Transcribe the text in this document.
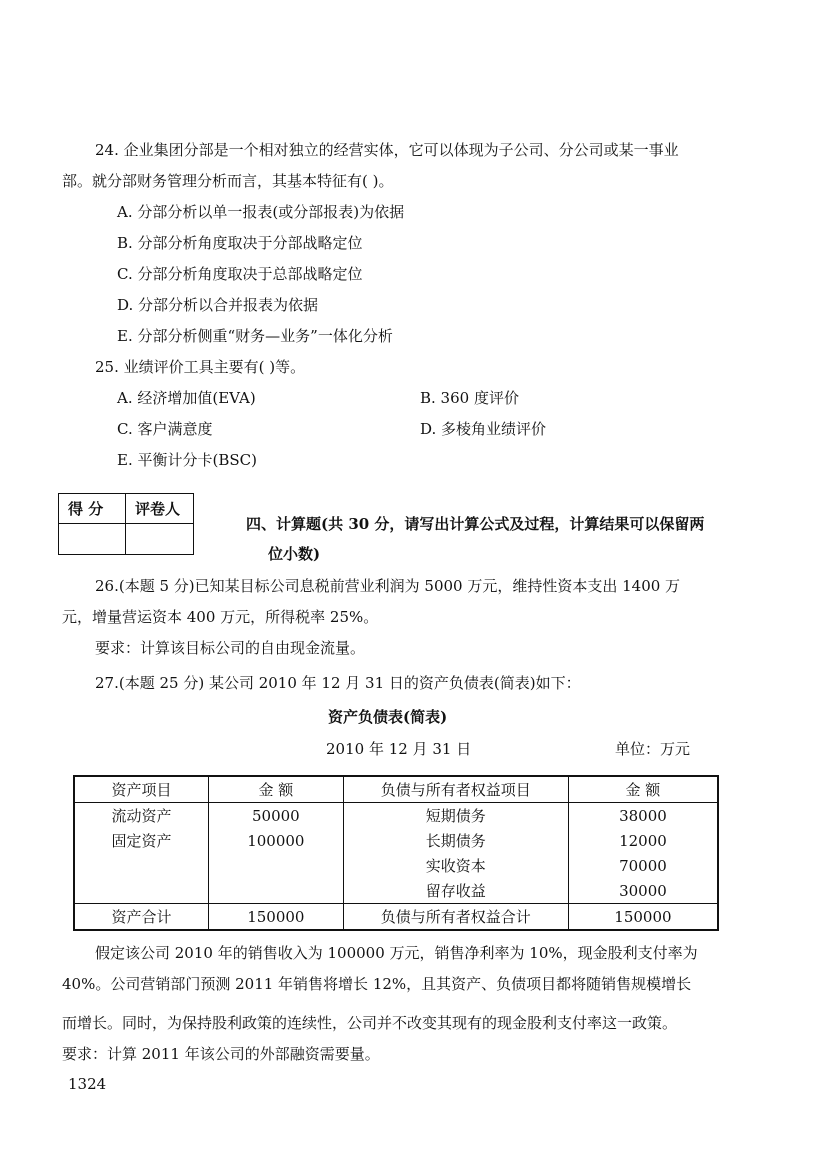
24. 企业集团分部是一个相对独立的经营实体，它可以体现为子公司、分公司或某一事业
部。就分部财务管理分析而言，其基本特征有( )。
A. 分部分析以单一报表(或分部报表)为依据
B. 分部分析角度取决于分部战略定位
C. 分部分析角度取决于总部战略定位
D. 分部分析以合并报表为依据
E. 分部分析侧重“财务—业务”一体化分析
25. 业绩评价工具主要有( )等。
A. 经济增加值(EVA)	B. 360 度评价
C. 客户满意度	D. 多棱角业绩评价
E. 平衡计分卡(BSC)
得 分 评卷人
四、计算题(共 30 分，请写出计算公式及过程，计算结果可以保留两
位小数)
26.(本题 5 分)已知某目标公司息税前营业利润为 5000 万元，维持性资本支出 1400 万
元，增量营运资本 400 万元，所得税率 25%。
要求：计算该目标公司的自由现金流量。
27.(本题 25 分) 某公司 2010 年 12 月 31 日的资产负债表(简表)如下：
资产负债表(简表)
2010 年 12 月 31 日	单位：万元
资产项目	金 额	负债与所有者权益项目	金 额
流动资产	50000	短期债务	38000
固定资产	100000	长期债务	12000
		实收资本	70000
		留存收益	30000
资产合计	150000	负债与所有者权益合计	150000
假定该公司 2010 年的销售收入为 100000 万元，销售净利率为 10%，现金股利支付率为
40%。公司营销部门预测 2011 年销售将增长 12%，且其资产、负债项目都将随销售规模增长
而增长。同时，为保持股利政策的连续性，公司并不改变其现有的现金股利支付率这一政策。
要求：计算 2011 年该公司的外部融资需要量。
1324
